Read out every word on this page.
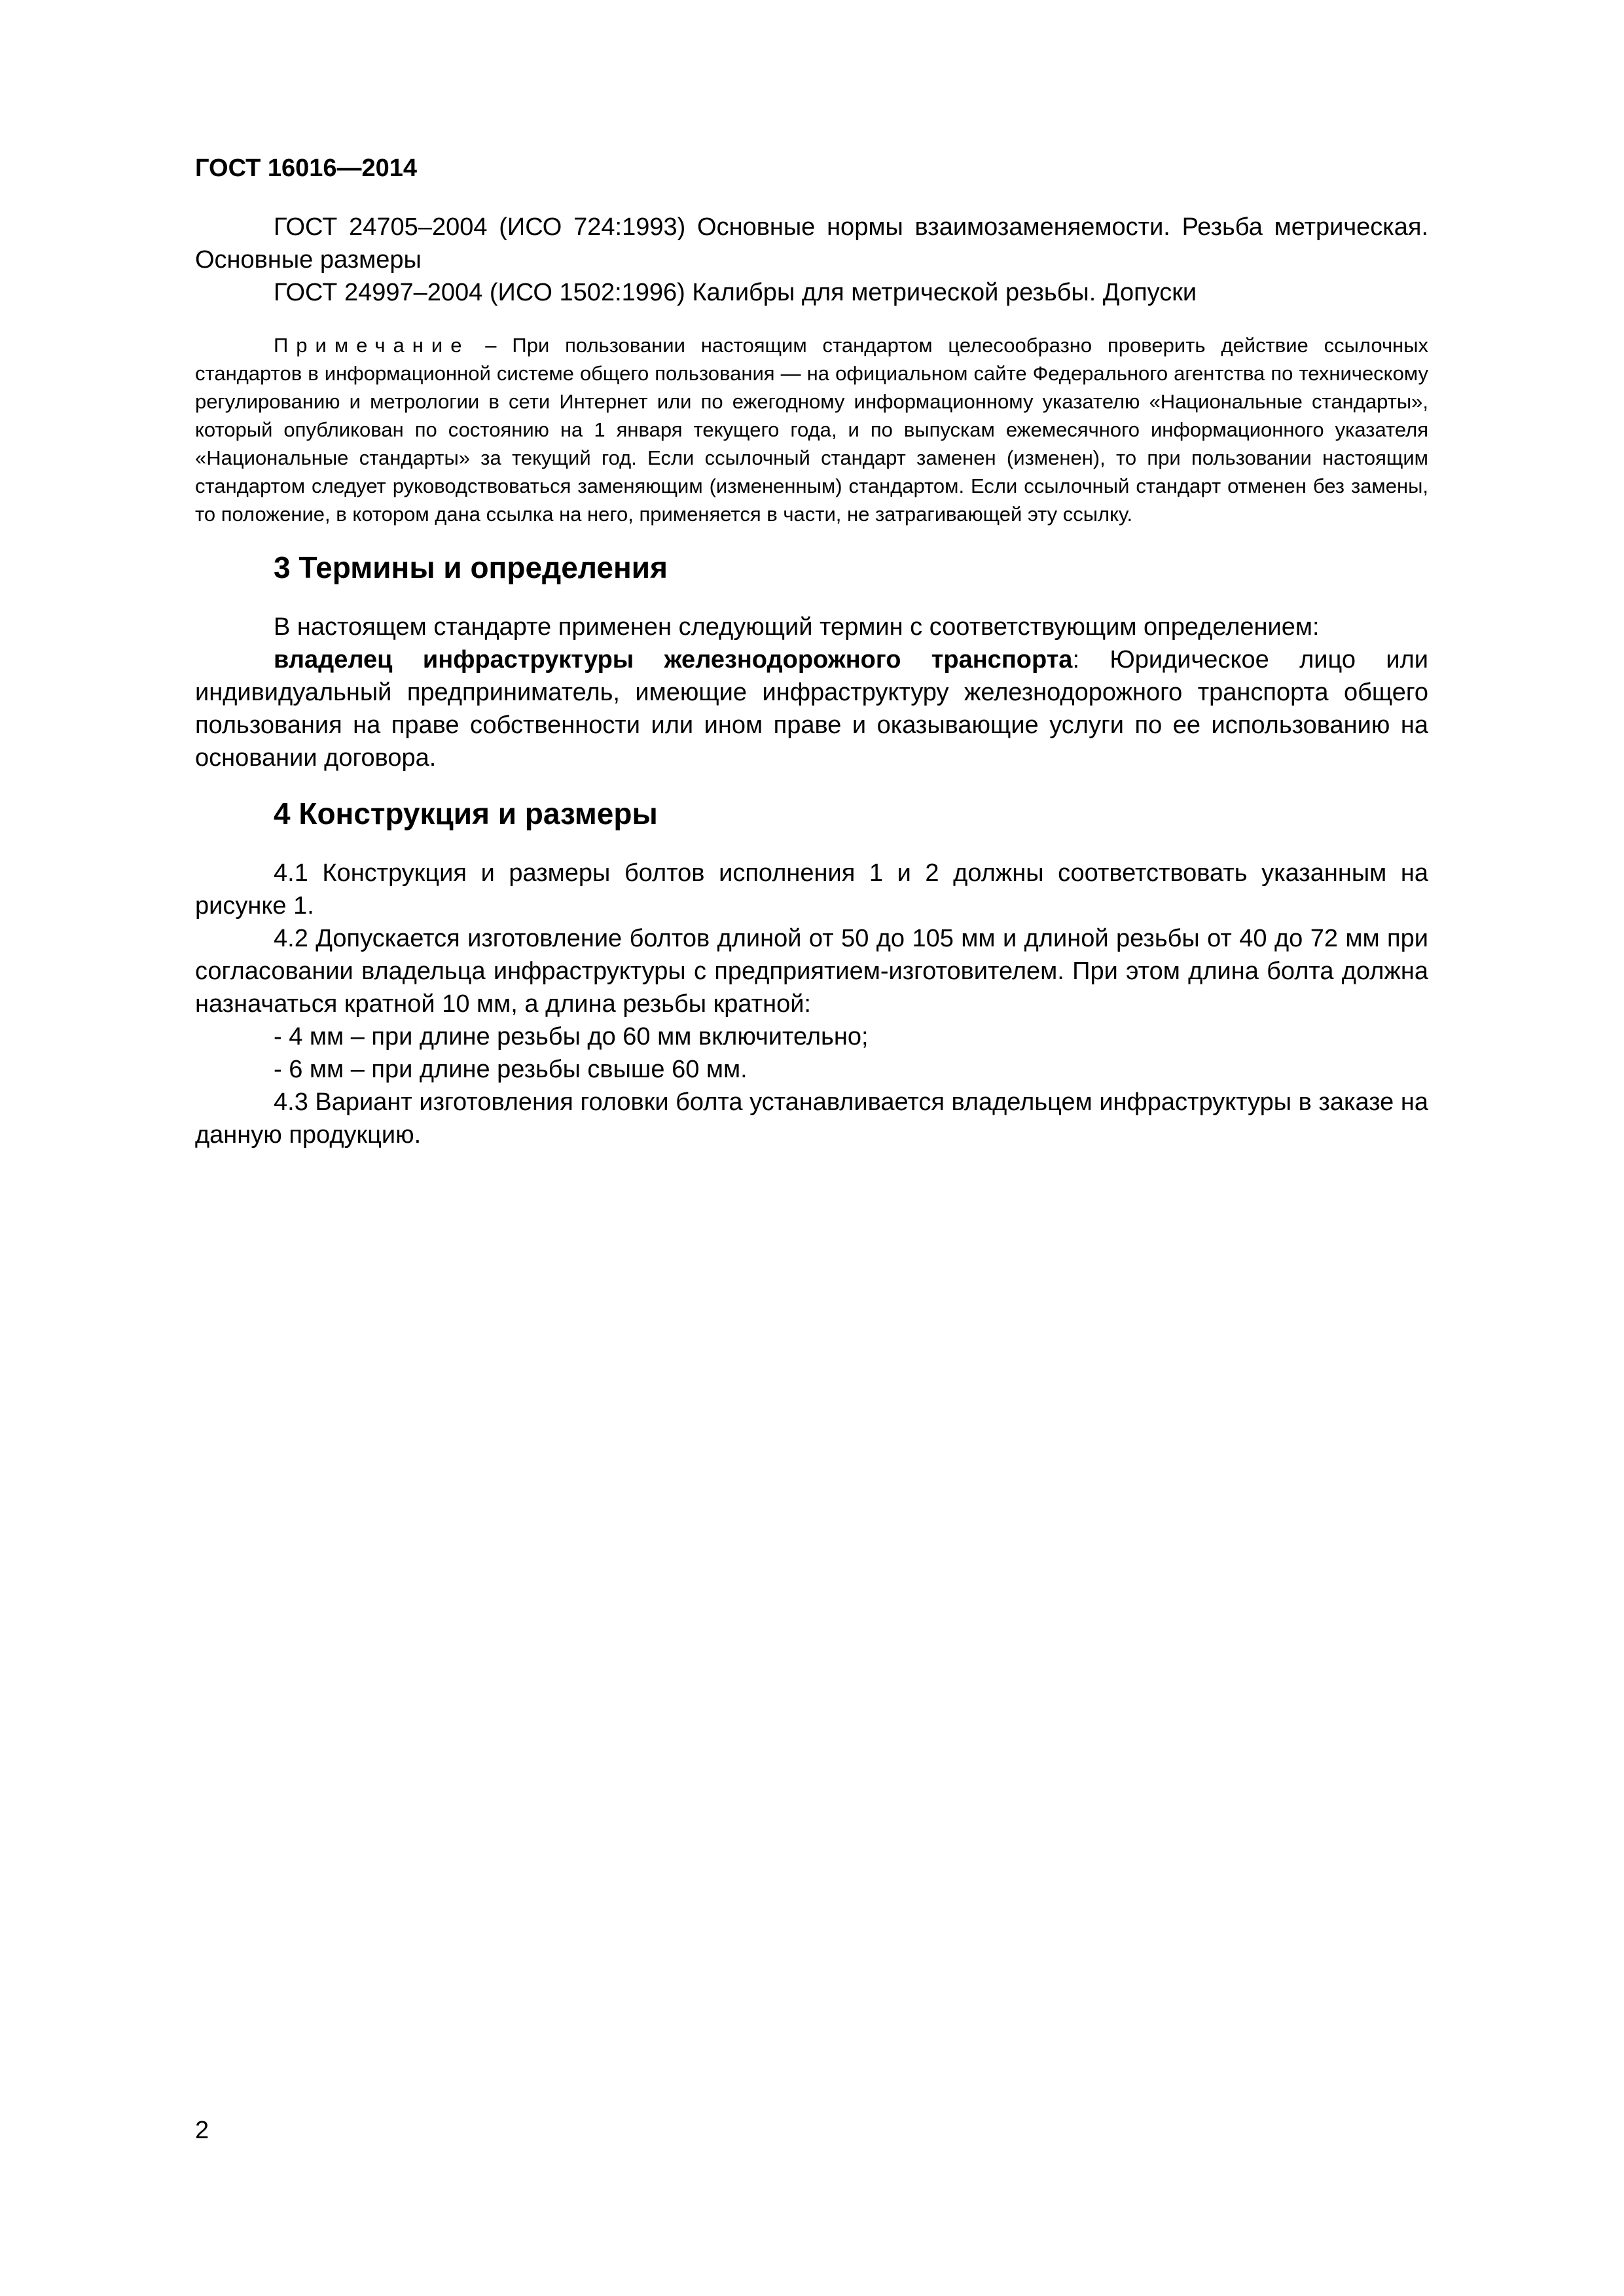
ГОСТ 16016—2014

ГОСТ 24705–2004 (ИСО 724:1993) Основные нормы взаимозаменяемости. Резьба метрическая. Основные размеры

ГОСТ 24997–2004 (ИСО 1502:1996) Калибры для метрической резьбы. Допуски

Примечание – При пользовании настоящим стандартом целесообразно проверить действие ссылочных стандартов в информационной системе общего пользования — на официальном сайте Федерального агентства по техническому регулированию и метрологии в сети Интернет или по ежегодному информационному указателю «Национальные стандарты», который опубликован по состоянию на 1 января текущего года, и по выпускам ежемесячного информационного указателя «Национальные стандарты» за текущий год. Если ссылочный стандарт заменен (изменен), то при пользовании настоящим стандартом следует руководствоваться заменяющим (измененным) стандартом. Если ссылочный стандарт отменен без замены, то положение, в котором дана ссылка на него, применяется в части, не затрагивающей эту ссылку.

3 Термины и определения

В настоящем стандарте применен следующий термин с соответствующим определением:

владелец инфраструктуры железнодорожного транспорта: Юридическое лицо или индивидуальный предприниматель, имеющие инфраструктуру железнодорожного транспорта общего пользования на праве собственности или ином праве и оказывающие услуги по ее использованию на основании договора.

4 Конструкция и размеры

4.1 Конструкция и размеры болтов исполнения 1 и 2 должны соответствовать указанным на рисунке 1.

4.2 Допускается изготовление болтов длиной от 50 до 105 мм и длиной резьбы от 40 до 72 мм при согласовании владельца инфраструктуры с предприятием-изготовителем. При этом длина болта должна назначаться кратной 10 мм, а длина резьбы кратной:

- 4 мм – при длине резьбы до 60 мм включительно;

- 6 мм – при длине резьбы свыше 60 мм.

4.3 Вариант изготовления головки болта устанавливается владельцем инфраструктуры в заказе на данную продукцию.

2
